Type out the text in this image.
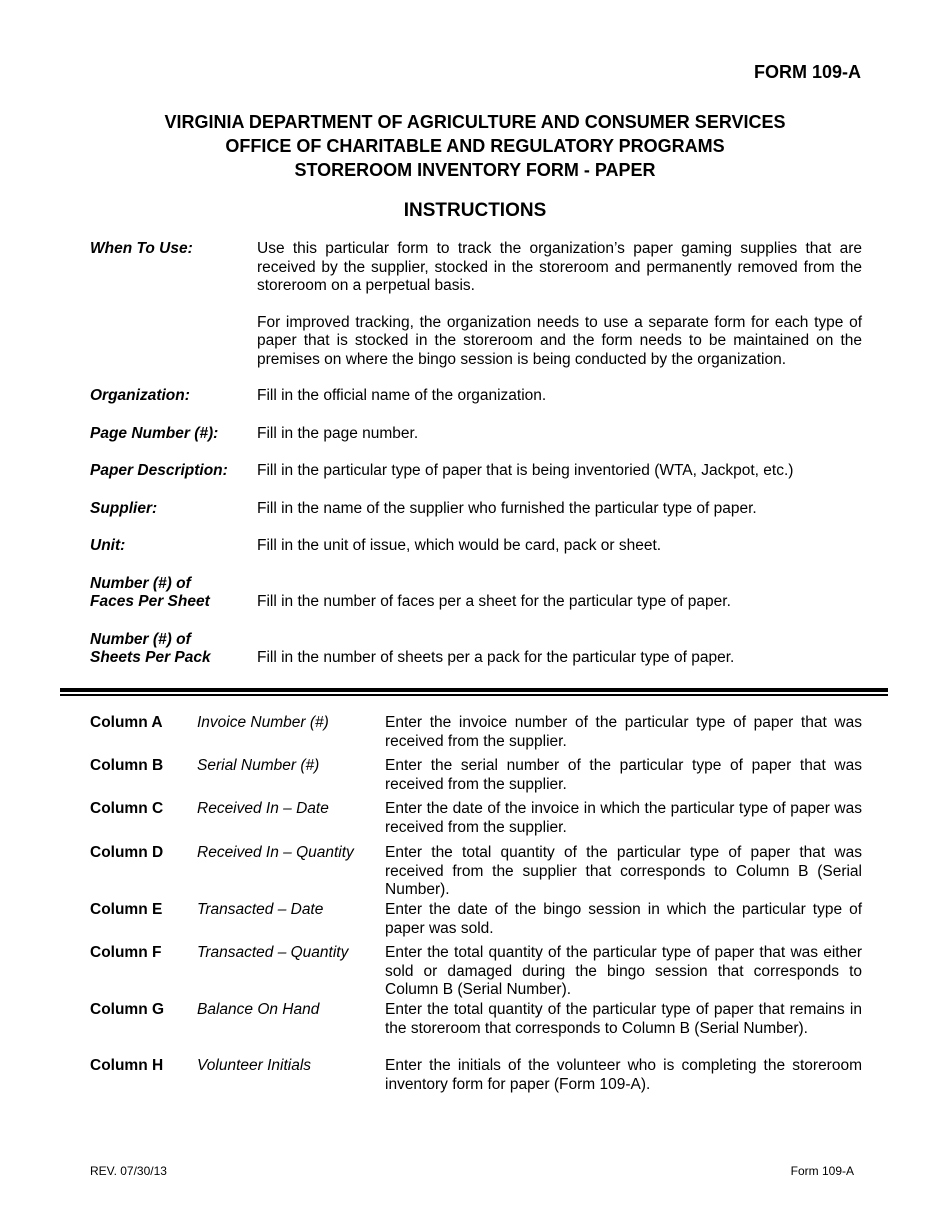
FORM 109-A
VIRGINIA DEPARTMENT OF AGRICULTURE AND CONSUMER SERVICES
OFFICE OF CHARITABLE AND REGULATORY PROGRAMS
STOREROOM INVENTORY FORM - PAPER
INSTRUCTIONS
When To Use:	Use this particular form to track the organization’s paper gaming supplies that are received by the supplier, stocked in the storeroom and permanently removed from the storeroom on a perpetual basis.
For improved tracking, the organization needs to use a separate form for each type of paper that is stocked in the storeroom and the form needs to be maintained on the premises on where the bingo session is being conducted by the organization.
Organization:	Fill in the official name of the organization.
Page Number (#):	Fill in the page number.
Paper Description:	Fill in the particular type of paper that is being inventoried (WTA, Jackpot, etc.)
Supplier:	Fill in the name of the supplier who furnished the particular type of paper.
Unit:	Fill in the unit of issue, which would be card, pack or sheet.
Number (#) of
Faces Per Sheet	Fill in the number of faces per a sheet for the particular type of paper.
Number (#) of
Sheets Per Pack	Fill in the number of sheets per a pack for the particular type of paper.
Column A	Invoice Number (#)	Enter the invoice number of the particular type of paper that was received from the supplier.
Column B	Serial Number (#)	Enter the serial number of the particular type of paper that was received from the supplier.
Column C	Received In – Date	Enter the date of the invoice in which the particular type of paper was received from the supplier.
Column D	Received In – Quantity	Enter the total quantity of the particular type of paper that was received from the supplier that corresponds to Column B (Serial Number).
Column E	Transacted – Date	Enter the date of the bingo session in which the particular type of paper was sold.
Column F	Transacted – Quantity	Enter the total quantity of the particular type of paper that was either sold or damaged during the bingo session that corresponds to Column B (Serial Number).
Column G	Balance On Hand	Enter the total quantity of the particular type of paper that remains in the storeroom that corresponds to Column B (Serial Number).
Column H	Volunteer Initials	Enter the initials of the volunteer who is completing the storeroom inventory form for paper (Form 109-A).
REV. 07/30/13	Form 109-A
